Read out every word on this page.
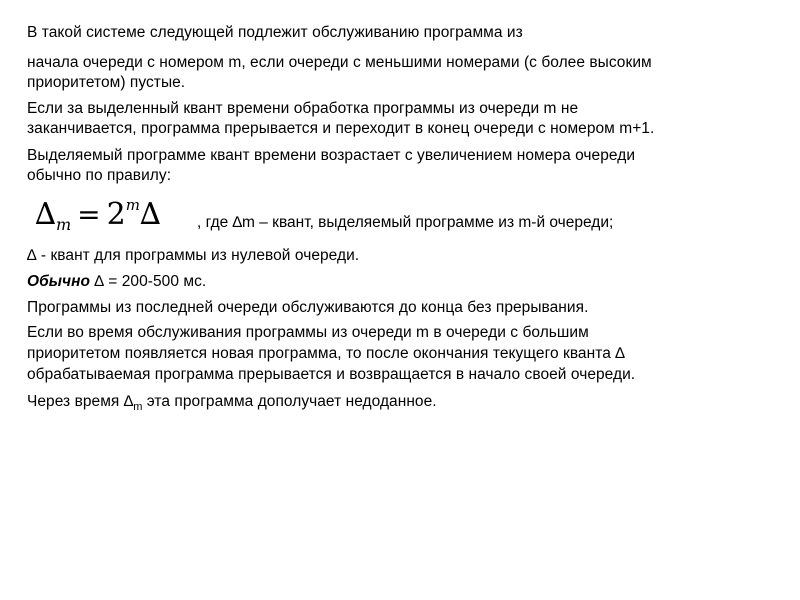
В такой системе следующей подлежит обслуживанию программа из
начала очереди с номером m, если очереди с меньшими номерами (с более высоким
приоритетом) пустые.
Если за выделенный квант времени обработка программы из очереди m не
заканчивается, программа прерывается и переходит в конец очереди с номером m+1.
Выделяемый программе квант времени возрастает с увеличением номера очереди
обычно по правилу:
∆m = 2m∆ , где ∆m – квант, выделяемый программе из m-й очереди;
∆ - квант для программы из нулевой очереди.
Обычно ∆ = 200-500 мс.
Программы из последней очереди обслуживаются до конца без прерывания.
Если во время обслуживания программы из очереди m в очереди с большим
приоритетом появляется новая программа, то после окончания текущего кванта ∆
обрабатываемая программа прерывается и возвращается в начало своей очереди.
Через время $\Delta_m$ эта программа дополучает недоданное.
